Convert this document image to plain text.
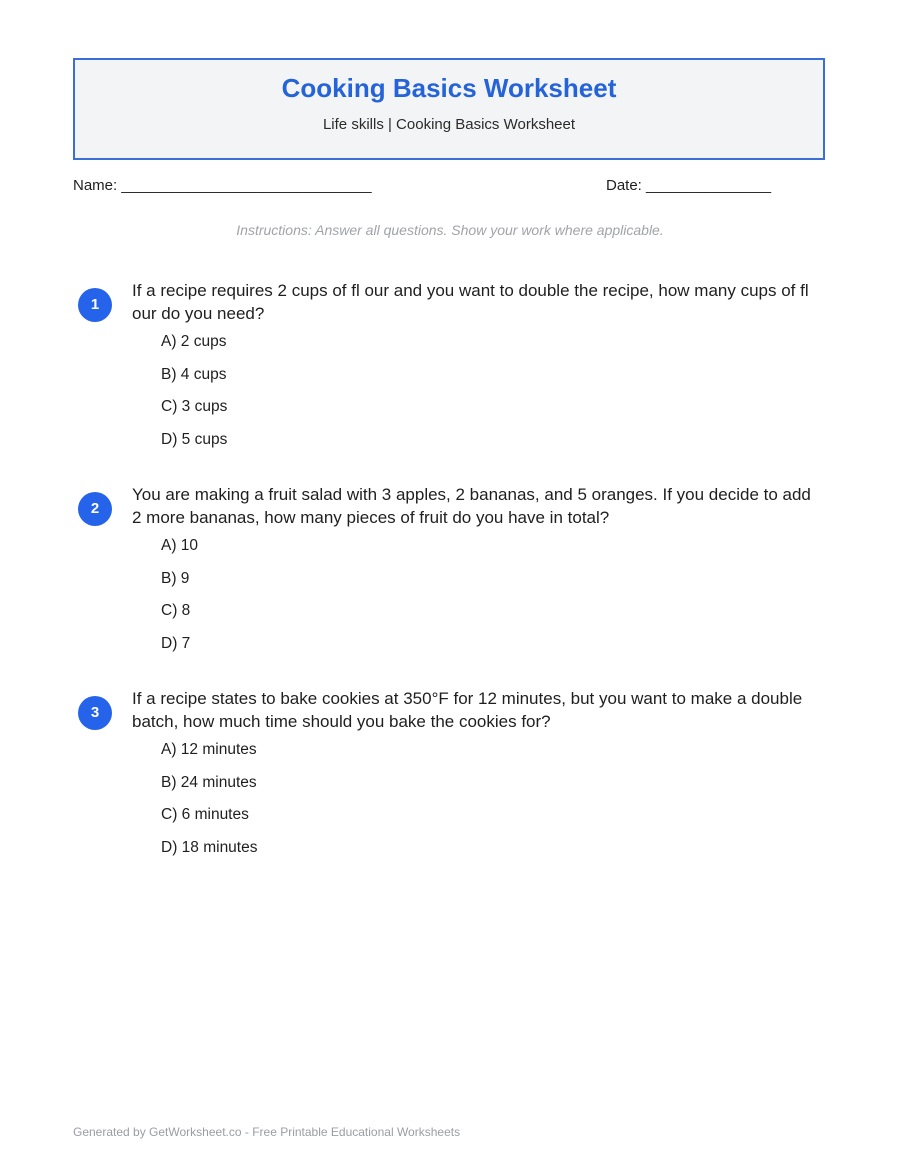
Cooking Basics Worksheet

Life skills | Cooking Basics Worksheet

Name: ______________________________	Date: _______________
Instructions: Answer all questions. Show your work where applicable.
1
If a recipe requires 2 cups of fl our and you want to double the recipe, how many cups of fl our do you need?
A) 2 cups
B) 4 cups
C) 3 cups
D) 5 cups
2
You are making a fruit salad with 3 apples, 2 bananas, and 5 oranges. If you decide to add 2 more bananas, how many pieces of fruit do you have in total?
A) 10
B) 9
C) 8
D) 7
3
If a recipe states to bake cookies at 350°F for 12 minutes, but you want to make a double batch, how much time should you bake the cookies for?
A) 12 minutes
B) 24 minutes
C) 6 minutes
D) 18 minutes
Generated by GetWorksheet.co - Free Printable Educational Worksheets
